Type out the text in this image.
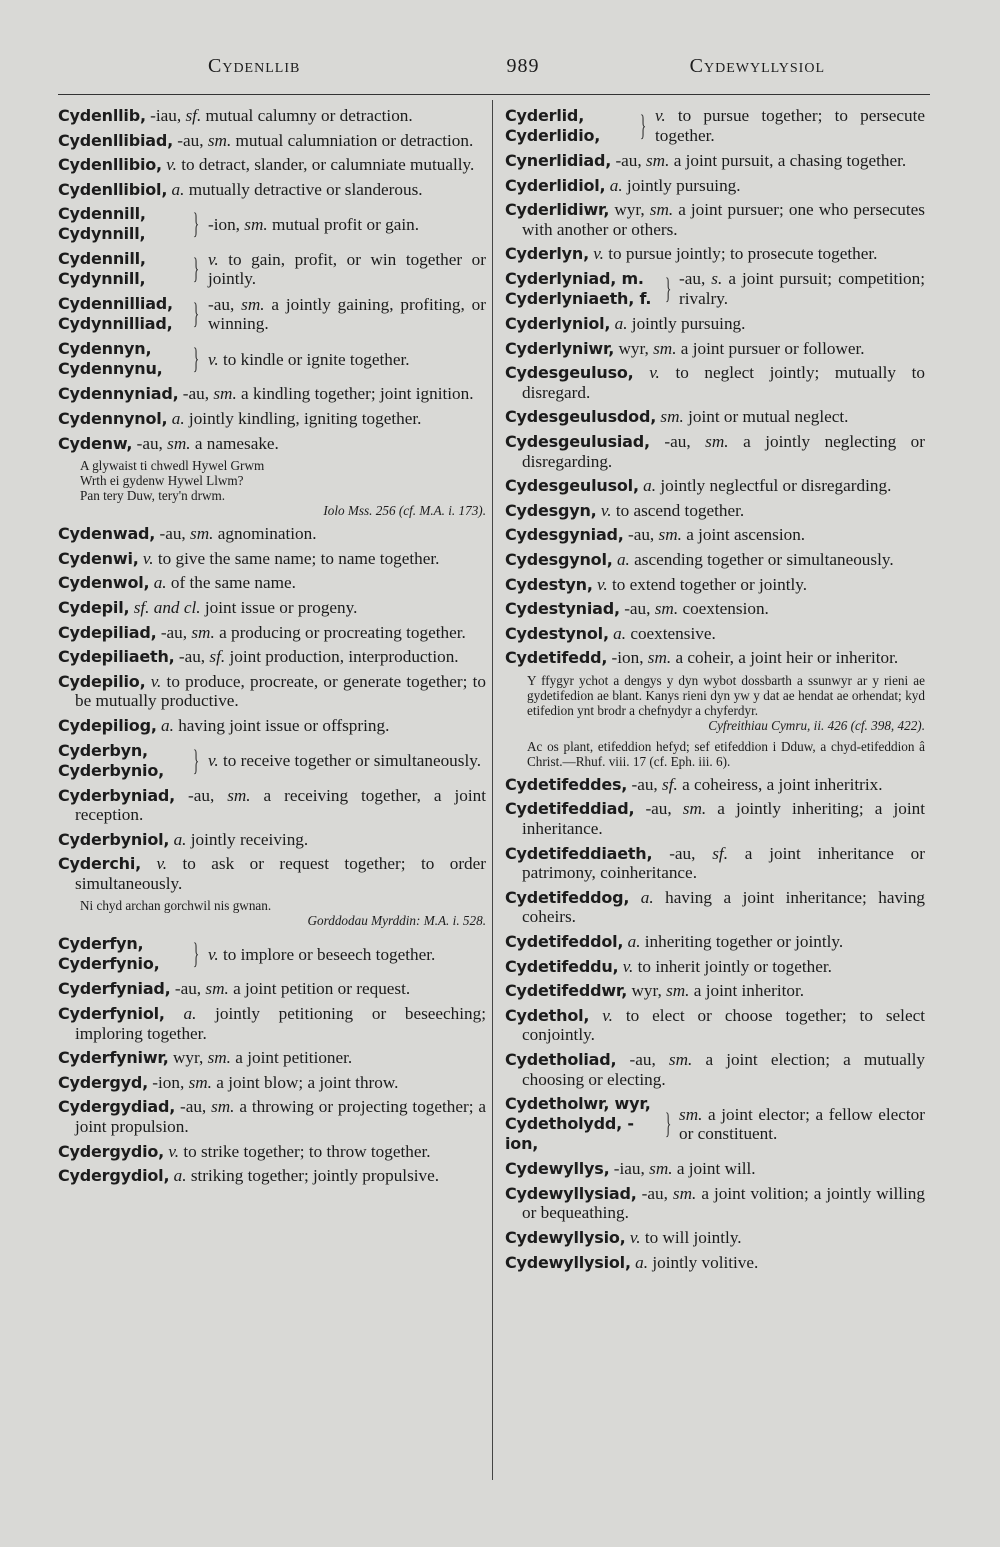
Cydenllib	989	Cydewyllysiol
Cydenllib, -iau, sf. mutual calumny or detraction.
Cydenllibiad, -au, sm. mutual calumniation or detraction.
Cydenllibio, v. to detract, slander, or calumniate mutually.
Cydenllibiol, a. mutually detractive or slanderous.
Cydennill,
Cydynnill,	} -ion, sm. mutual profit or gain.
Cydennill,
Cydynnill,	} v. to gain, profit, or win together or jointly.
Cydennilliad,
Cydynnilliad, } -au, sm. a jointly gaining, profiting, or winning.
Cydennyn,
Cydennynu,	} v. to kindle or ignite together.
Cydennyniad, -au, sm. a kindling together; joint ignition.
Cydennynol, a. jointly kindling, igniting together.
Cydenw, -au, sm. a namesake.
A glywaist ti chwedl Hywel Grwm
Wrth ei gydenw Hywel Llwm?
Pan tery Duw, tery'n drwm.
Iolo Mss. 256 (cf. M.A. i. 173).
Cydenwad, -au, sm. agnomination.
Cydenwi, v. to give the same name; to name together.
Cydenwol, a. of the same name.
Cydepil, sf. and cl. joint issue or progeny.
Cydepiliad, -au, sm. a producing or procreating together.
Cydepiliaeth, -au, sf. joint production, interproduction.
Cydepilio, v. to produce, procreate, or generate together; to be mutually productive.
Cydepiliog, a. having joint issue or offspring.
Cyderbyn,
Cyderbynio, } v. to receive together or simultaneously.
Cyderbyniad, -au, sm. a receiving together, a joint reception.
Cyderbyniol, a. jointly receiving.
Cyderchi, v. to ask or request together; to order simultaneously.
Ni chyd archan gorchwil nis gwnan.
Gorddodau Myrddin: M.A. i. 528.
Cyderfyn,
Cyderfynio,	} v. to implore or beseech together.
Cyderfyniad, -au, sm. a joint petition or request.
Cyderfyniol, a. jointly petitioning or beseeching; imploring together.
Cyderfyniwr, wyr, sm. a joint petitioner.
Cydergyd, -ion, sm. a joint blow; a joint throw.
Cydergydiad, -au, sm. a throwing or projecting together; a joint propulsion.
Cydergydio, v. to strike together; to throw together.
Cydergydiol, a. striking together; jointly propulsive.
Cyderlid,
Cyderlidio,	} v. to pursue together; to persecute together.
Cynerlidiad, -au, sm. a joint pursuit, a chasing together.
Cyderlidiol, a. jointly pursuing.
Cyderlidiwr, wyr, sm. a joint pursuer; one who persecutes with another or others.
Cyderlyn, v. to pursue jointly; to prosecute together.
Cyderlyniad, m.
Cyderlyniaeth, f. } -au, s. a joint pursuit; competition; rivalry.
Cyderlyniol, a. jointly pursuing.
Cyderlyniwr, wyr, sm. a joint pursuer or follower.
Cydesgeuluso, v. to neglect jointly; mutually to disregard.
Cydesgeulusdod, sm. joint or mutual neglect.
Cydesgeulusiad, -au, sm. a jointly neglecting or disregarding.
Cydesgeulusol, a. jointly neglectful or disregarding.
Cydesgyn, v. to ascend together.
Cydesgyniad, -au, sm. a joint ascension.
Cydesgynol, a. ascending together or simultaneously.
Cydestyn, v. to extend together or jointly.
Cydestyniad, -au, sm. coextension.
Cydestynol, a. coextensive.
Cydetifedd, -ion, sm. a coheir, a joint heir or inheritor.
Y ffygyr ychot a dengys y dyn wybot dossbarth a ssunwyr ar y rieni ae gydetifedion ae blant. Kanys rieni dyn yw y dat ae hendat ae orhendat; kyd etifedion ynt brodr a chefnydyr a chyferdyr.
Cyfreithiau Cymru, ii. 426 (cf. 398, 422).
Ac os plant, etifeddion hefyd; sef etifeddion i Dduw, a chyd-etifeddion â Christ.—Rhuf. viii. 17 (cf. Eph. iii. 6).
Cydetifeddes, -au, sf. a coheiress, a joint inheritrix.
Cydetifeddiad, -au, sm. a jointly inheriting; a joint inheritance.
Cydetifeddiaeth, -au, sf. a joint inheritance or patrimony, coinheritance.
Cydetifeddog, a. having a joint inheritance; having coheirs.
Cydetifeddol, a. inheriting together or jointly.
Cydetifeddu, v. to inherit jointly or together.
Cydetifeddwr, wyr, sm. a joint inheritor.
Cydethol, v. to elect or choose together; to select conjointly.
Cydetholiad, -au, sm. a joint election; a mutually choosing or electing.
Cydetholwr, wyr,
Cydetholydd, -ion,
} sm. a joint elector; a fellow elector or constituent.
Cydewyllys, -iau, sm. a joint will.
Cydewyllysiad, -au, sm. a joint volition; a jointly willing or bequeathing.
Cydewyllysio, v. to will jointly.
Cydewyllysiol, a. jointly volitive.
